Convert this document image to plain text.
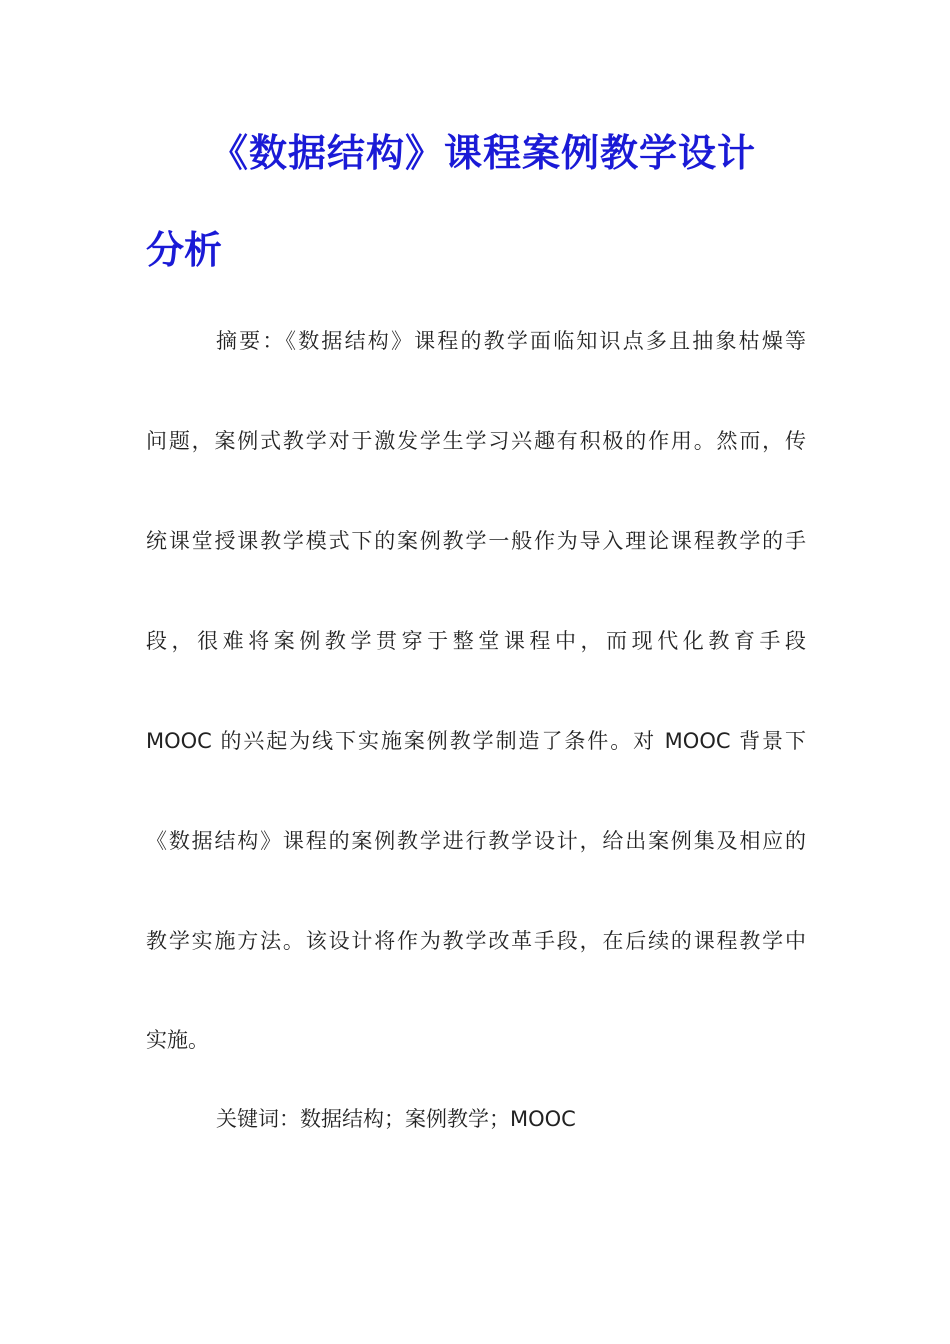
《数据结构》课程案例教学设计
分析

摘要：《数据结构》课程的教学面临知识点多且抽象枯燥等

问题，案例式教学对于激发学生学习兴趣有积极的作用。然而，传

统课堂授课教学模式下的案例教学一般作为导入理论课程教学的手

段，很难将案例教学贯穿于整堂课程中，而现代化教育手段

MOOC 的兴起为线下实施案例教学制造了条件。对 MOOC 背景下

《数据结构》课程的案例教学进行教学设计，给出案例集及相应的

教学实施方法。该设计将作为教学改革手段，在后续的课程教学中

实施。

关键词：数据结构；案例教学；MOOC
